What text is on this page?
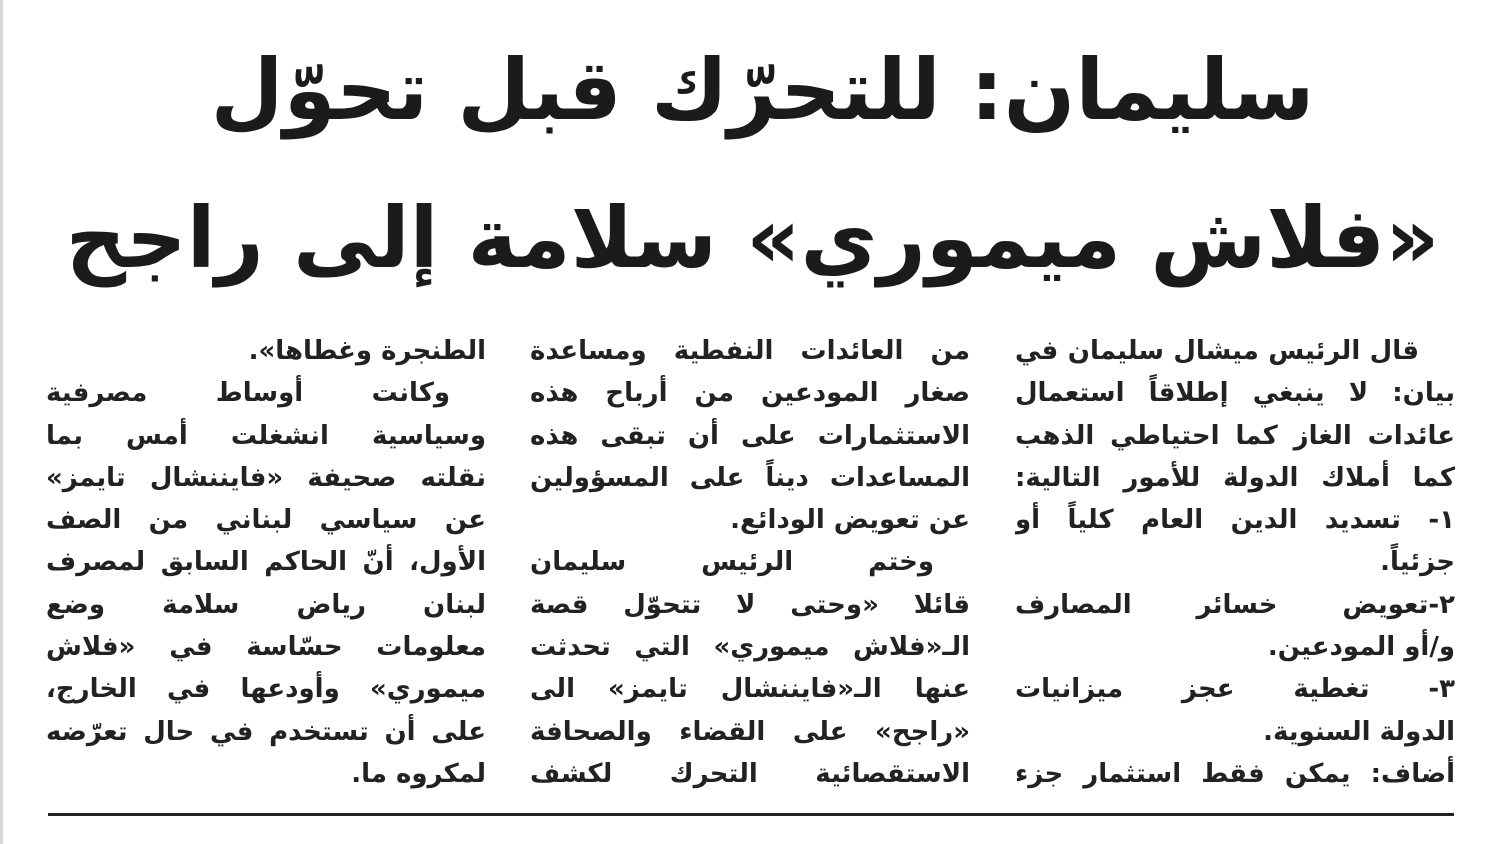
سليمان: للتحرّك قبل تحوّل
«فلاش ميموري» سلامة إلى راجح
قال الرئيس ميشال سليمان في
بيان: لا ينبغي إطلاقاً استعمال
عائدات الغاز كما احتياطي الذهب
كما أملاك الدولة للأمور التالية:
١- تسديد الدين العام كلياً أو
جزئياً.
٢-تعويض خسائر المصارف
و/أو المودعين.
٣- تغطية عجز ميزانيات
الدولة السنوية.
أضاف: يمكن فقط استثمار جزء
من العائدات النفطية ومساعدة
صغار المودعين من أرباح هذه
الاستثمارات على أن تبقى هذه
المساعدات ديناً على المسؤولين
عن تعويض الودائع.
وختم الرئيس سليمان
قائلا «وحتى لا تتحوّل قصة
الـ«فلاش ميموري» التي تحدثت
عنها الـ«فايننشال تايمز» الى
«راجح» على القضاء والصحافة
الاستقصائية التحرك لكشف
الطنجرة وغطاها».
وكانت أوساط مصرفية
وسياسية انشغلت أمس بما
نقلته صحيفة «فايننشال تايمز»
عن سياسي لبناني من الصف
الأول، أنّ الحاكم السابق لمصرف
لبنان رياض سلامة وضع
معلومات حسّاسة في «فلاش
ميموري» وأودعها في الخارج،
على أن تستخدم في حال تعرّضه
لمكروه ما.
